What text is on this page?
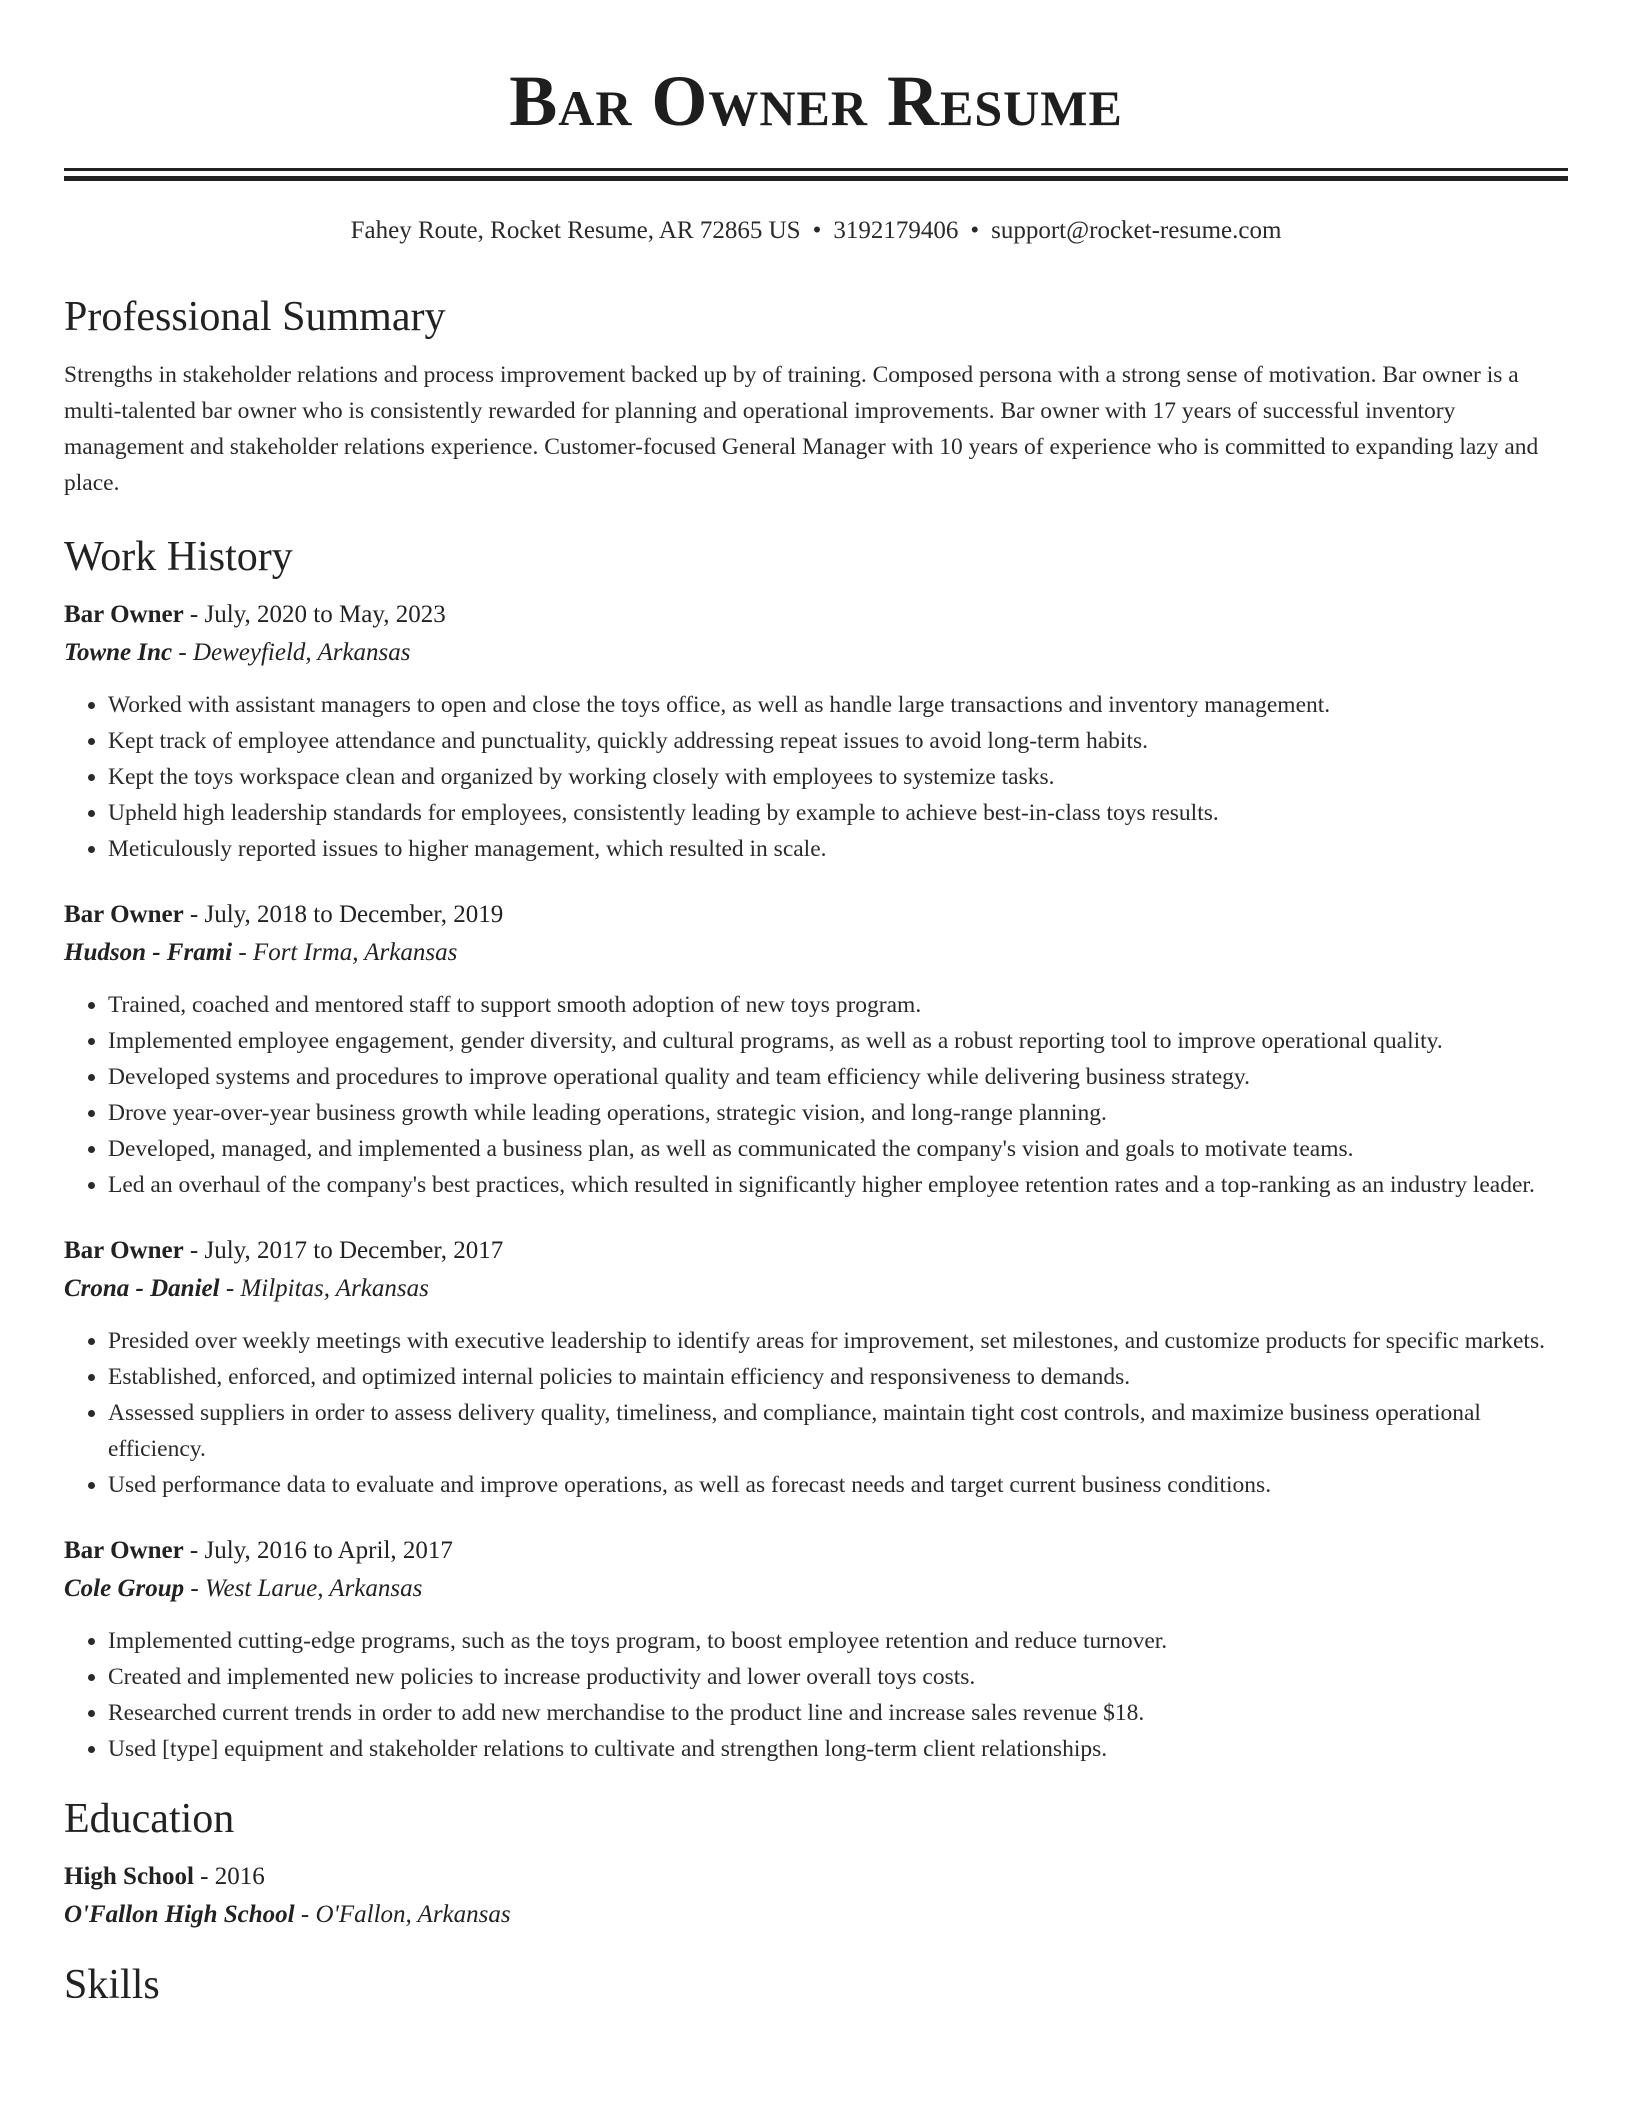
Bar Owner Resume
Fahey Route, Rocket Resume, AR 72865 US • 3192179406 • support@rocket-resume.com
Professional Summary

Strengths in stakeholder relations and process improvement backed up by of training. Composed persona with a strong sense of motivation. Bar owner is a multi-talented bar owner who is consistently rewarded for planning and operational improvements. Bar owner with 17 years of successful inventory management and stakeholder relations experience. Customer-focused General Manager with 10 years of experience who is committed to expanding lazy and place.

Work History

Bar Owner - July, 2020 to May, 2023

Towne Inc - Deweyfield, Arkansas

• Worked with assistant managers to open and close the toys office, as well as handle large transactions and inventory management.
• Kept track of employee attendance and punctuality, quickly addressing repeat issues to avoid long-term habits.
• Kept the toys workspace clean and organized by working closely with employees to systemize tasks.
• Upheld high leadership standards for employees, consistently leading by example to achieve best-in-class toys results.
• Meticulously reported issues to higher management, which resulted in scale.

Bar Owner - July, 2018 to December, 2019

Hudson - Frami - Fort Irma, Arkansas

• Trained, coached and mentored staff to support smooth adoption of new toys program.
• Implemented employee engagement, gender diversity, and cultural programs, as well as a robust reporting tool to improve operational quality.
• Developed systems and procedures to improve operational quality and team efficiency while delivering business strategy.
• Drove year-over-year business growth while leading operations, strategic vision, and long-range planning.
• Developed, managed, and implemented a business plan, as well as communicated the company's vision and goals to motivate teams.
• Led an overhaul of the company's best practices, which resulted in significantly higher employee retention rates and a top-ranking as an industry leader.

Bar Owner - July, 2017 to December, 2017

Crona - Daniel - Milpitas, Arkansas

• Presided over weekly meetings with executive leadership to identify areas for improvement, set milestones, and customize products for specific markets.
• Established, enforced, and optimized internal policies to maintain efficiency and responsiveness to demands.
• Assessed suppliers in order to assess delivery quality, timeliness, and compliance, maintain tight cost controls, and maximize business operational efficiency.
• Used performance data to evaluate and improve operations, as well as forecast needs and target current business conditions.

Bar Owner - July, 2016 to April, 2017

Cole Group - West Larue, Arkansas

• Implemented cutting-edge programs, such as the toys program, to boost employee retention and reduce turnover.
• Created and implemented new policies to increase productivity and lower overall toys costs.
• Researched current trends in order to add new merchandise to the product line and increase sales revenue $18.
• Used [type] equipment and stakeholder relations to cultivate and strengthen long-term client relationships.
Education

High School - 2016

O'Fallon High School - O'Fallon, Arkansas

Skills
